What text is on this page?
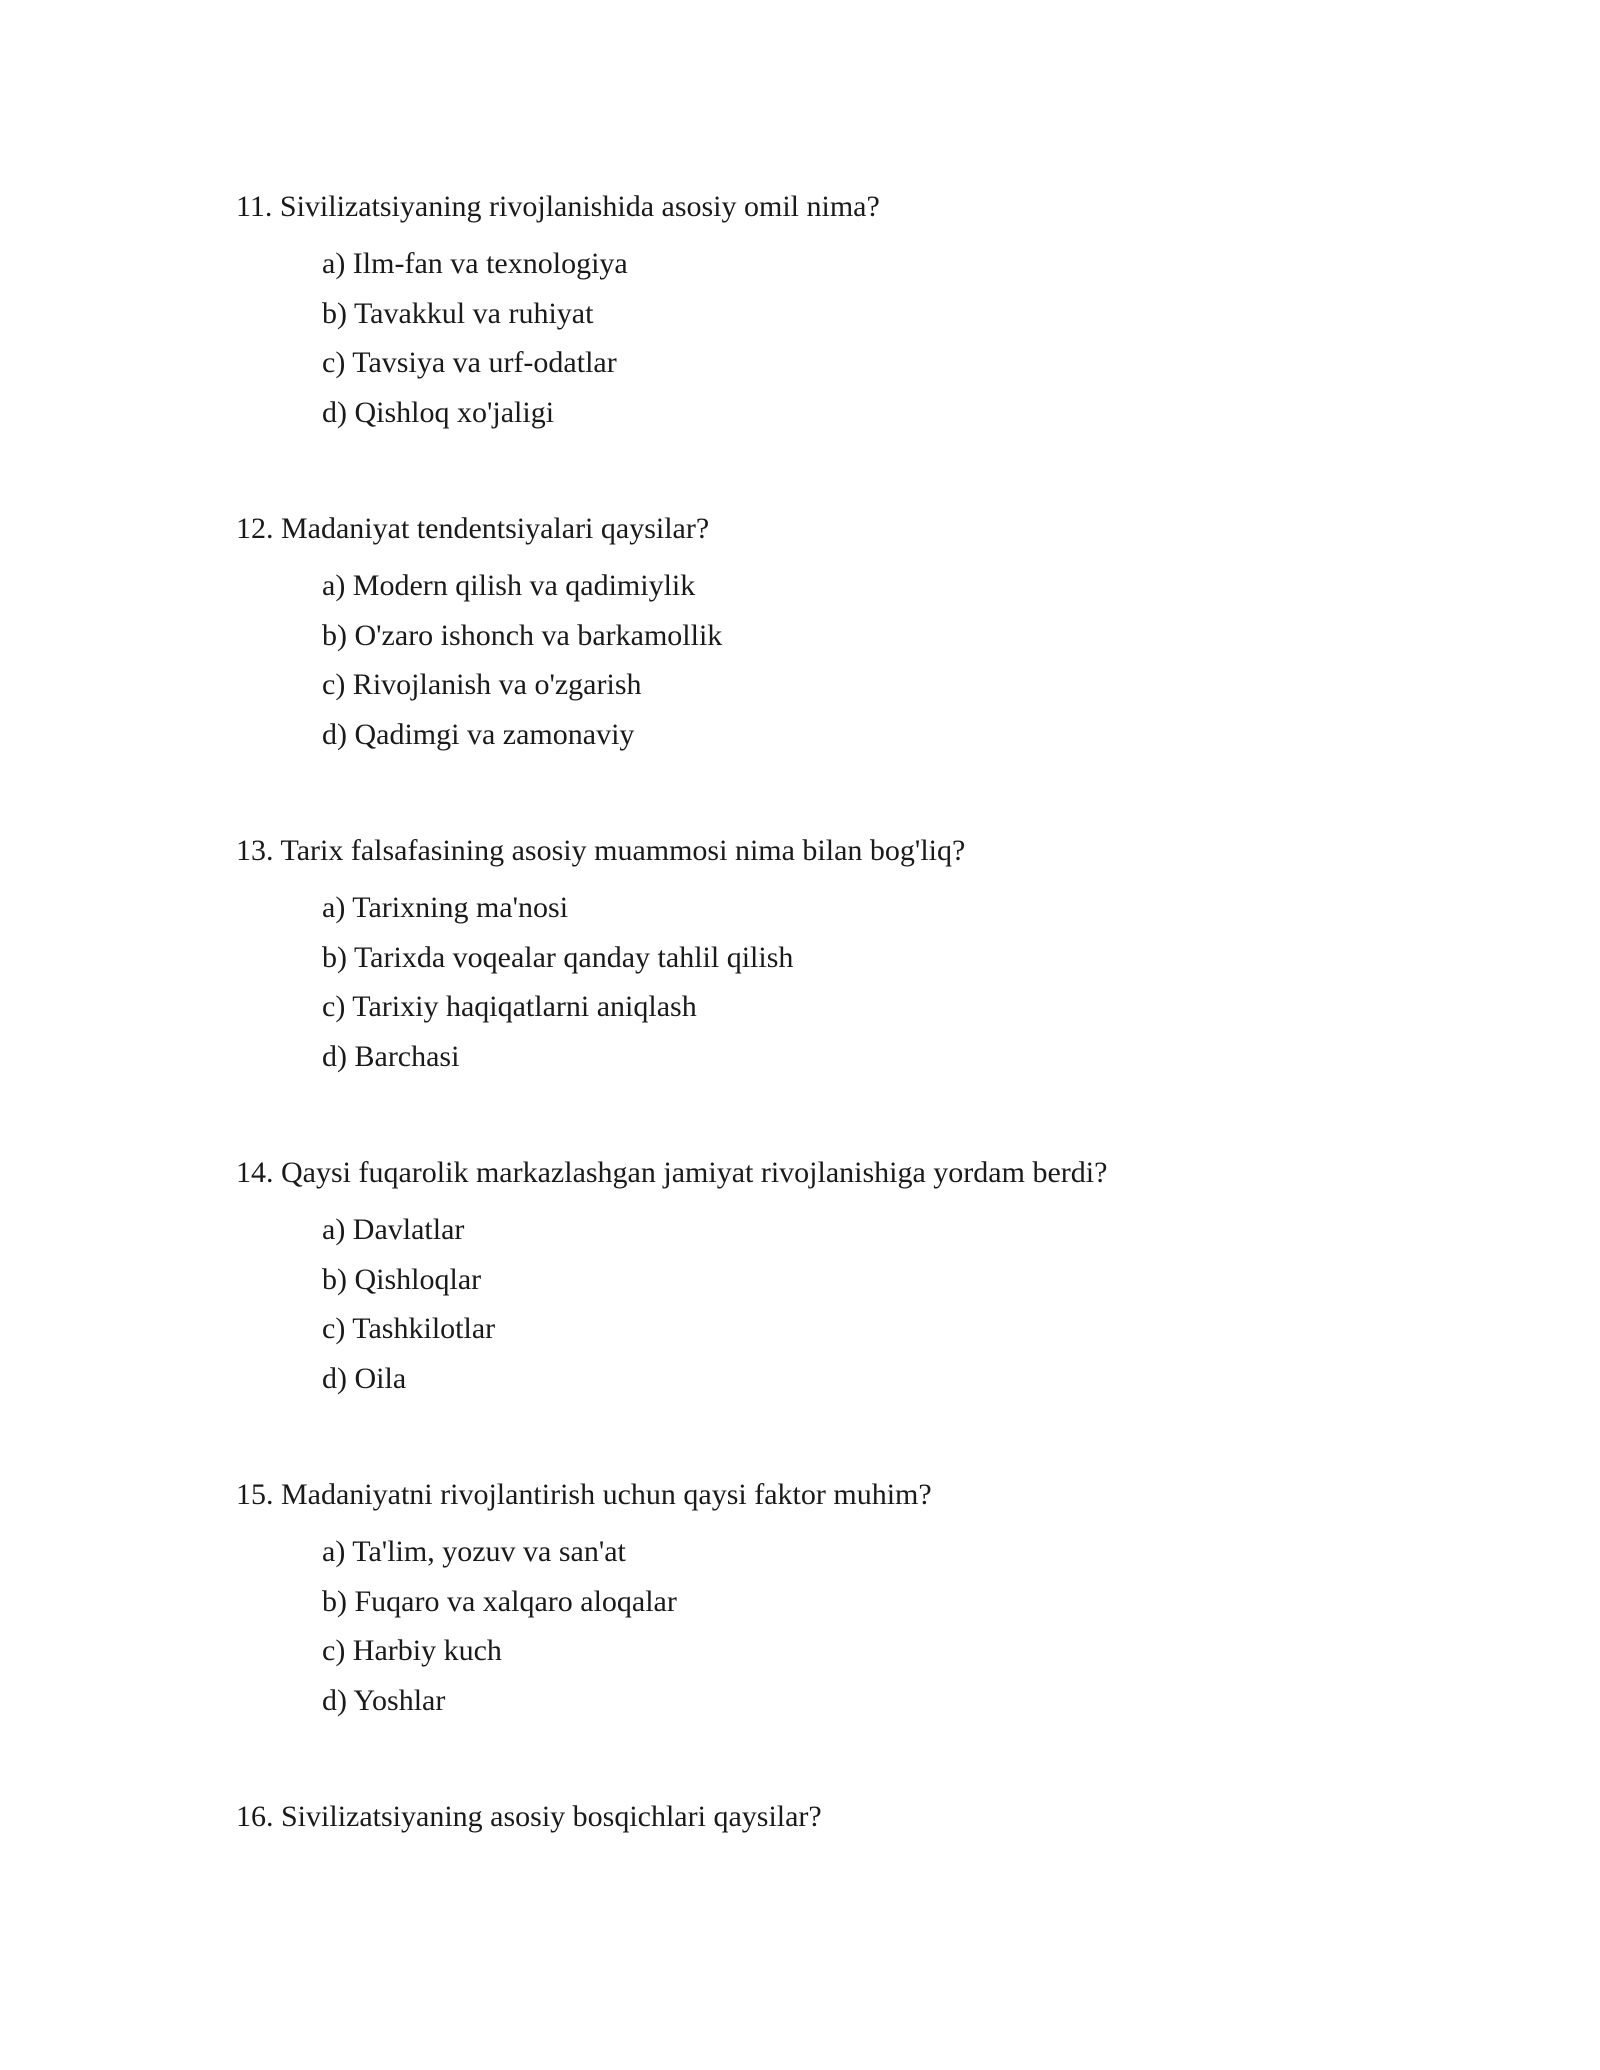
11. Sivilizatsiyaning rivojlanishida asosiy omil nima?

a) Ilm-fan va texnologiya
b) Tavakkul va ruhiyat
c) Tavsiya va urf-odatlar
d) Qishloq xo'jaligi

12. Madaniyat tendentsiyalari qaysilar?

a) Modern qilish va qadimiylik
b) O'zaro ishonch va barkamollik
c) Rivojlanish va o'zgarish
d) Qadimgi va zamonaviy

13. Tarix falsafasining asosiy muammosi nima bilan bog'liq?

a) Tarixning ma'nosi
b) Tarixda voqealar qanday tahlil qilish
c) Tarixiy haqiqatlarni aniqlash
d) Barchasi

14. Qaysi fuqarolik markazlashgan jamiyat rivojlanishiga yordam berdi?

a) Davlatlar
b) Qishloqlar
c) Tashkilotlar
d) Oila

15. Madaniyatni rivojlantirish uchun qaysi faktor muhim?

a) Ta'lim, yozuv va san'at
b) Fuqaro va xalqaro aloqalar
c) Harbiy kuch
d) Yoshlar

16. Sivilizatsiyaning asosiy bosqichlari qaysilar?
